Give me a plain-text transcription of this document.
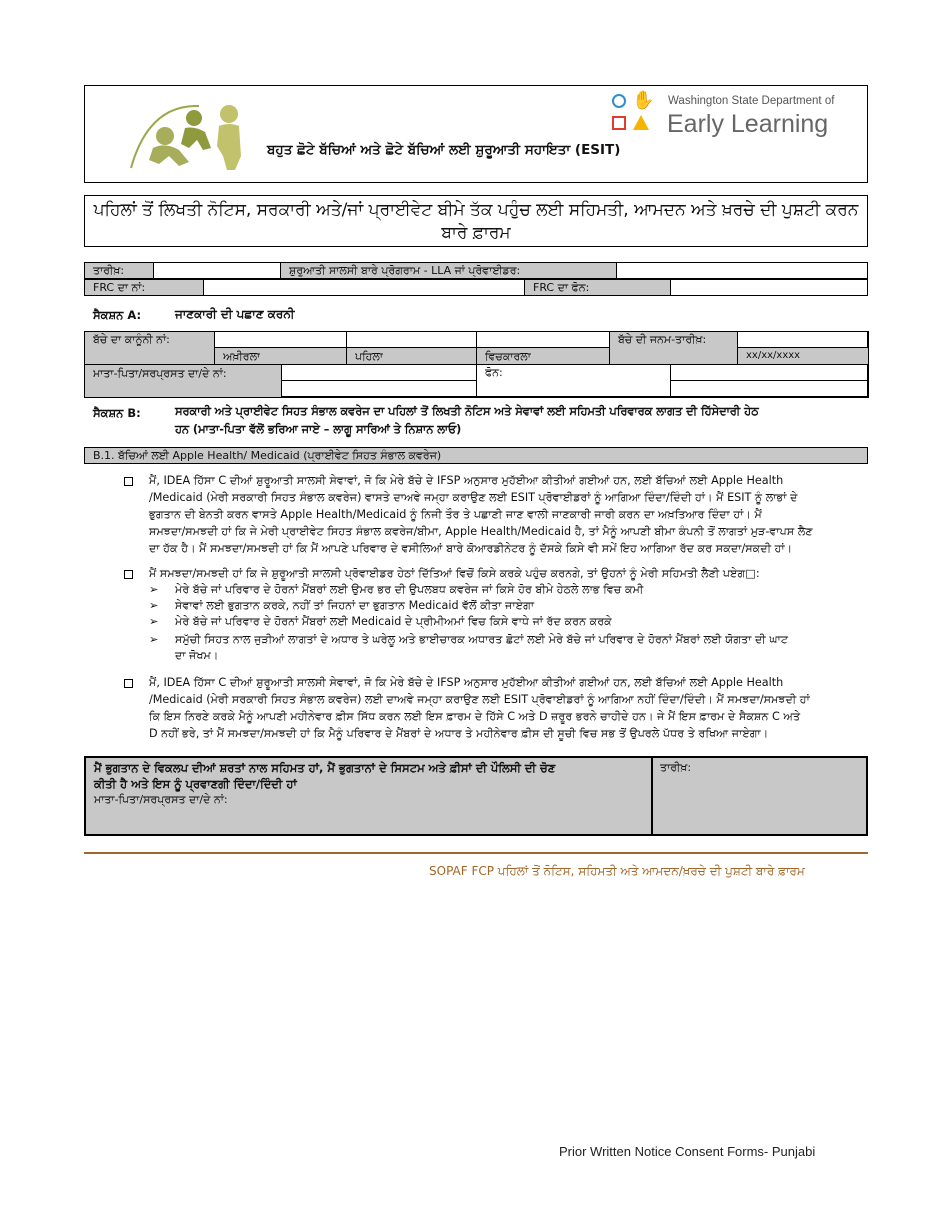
ਬਹੁਤ ਛੋਟੇ ਬੱਚਿਆਂ ਅਤੇ ਛੋਟੇ ਬੱਚਿਆਂ ਲਈ ਸ਼ੁਰੂਆਤੀ ਸਹਾਇਤਾ (ESIT)
✋ Washington State Department of
Early Learning
ਪਹਿਲਾਂ ਤੋਂ ਲਿਖਤੀ ਨੋਟਿਸ, ਸਰਕਾਰੀ ਅਤੇ/ਜਾਂ ਪ੍ਰਾਈਵੇਟ ਬੀਮੇ ਤੱਕ ਪਹੁੰਚ ਲਈ ਸਹਿਮਤੀ, ਆਮਦਨ ਅਤੇ ਖ਼ਰਚੇ ਦੀ ਪੁਸ਼ਟੀ ਕਰਨ ਬਾਰੇ ਫ਼ਾਰਮ
ਤਾਰੀਖ਼:	ਸ਼ੁਰੂਆਤੀ ਸਾਲਸੀ ਬਾਰੇ ਪ੍ਰੋਗਰਾਮ - LLA ਜਾਂ ਪ੍ਰੋਵਾਈਡਰ:
FRC ਦਾ ਨਾਂ:	FRC ਦਾ ਫੋਨ:
ਸੈਕਸ਼ਨ A:	ਜਾਣਕਾਰੀ ਦੀ ਪਛਾਣ ਕਰਨੀ
ਬੱਚੇ ਦਾ ਕਾਨੂੰਨੀ ਨਾਂ:
ਅਖ਼ੀਰਲਾ	ਪਹਿਲਾ	ਵਿਚਕਾਰਲਾ
ਬੱਚੇ ਦੀ ਜਨਮ-ਤਾਰੀਖ਼:
xx/xx/xxxx
ਮਾਤਾ-ਪਿਤਾ/ਸਰਪ੍ਰਸਤ ਦਾ/ਦੇ ਨਾਂ:	ਫੋਨ:
ਸੈਕਸ਼ਨ B:	ਸਰਕਾਰੀ ਅਤੇ ਪ੍ਰਾਈਵੇਟ ਸਿਹਤ ਸੰਭਾਲ ਕਵਰੇਜ ਦਾ ਪਹਿਲਾਂ ਤੋਂ ਲਿਖਤੀ ਨੋਟਿਸ ਅਤੇ ਸੇਵਾਵਾਂ ਲਈ ਸਹਿਮਤੀ ਪਰਿਵਾਰਕ ਲਾਗਤ ਦੀ ਹਿੱਸੇਦਾਰੀ ਹੇਠ
ਹਨ (ਮਾਤਾ-ਪਿਤਾ ਵੱਲੋਂ ਭਰਿਆ ਜਾਏ – ਲਾਗੂ ਸਾਰਿਆਂ ਤੇ ਨਿਸ਼ਾਨ ਲਾਓ)
B.1. ਬੱਚਿਆਂ ਲਈ Apple Health/ Medicaid (ਪ੍ਰਾਈਵੇਟ ਸਿਹਤ ਸੰਭਾਲ ਕਵਰੇਜ)
ਮੈਂ, IDEA ਹਿੱਸਾ C ਦੀਆਂ ਸ਼ੁਰੂਆਤੀ ਸਾਲਸੀ ਸੇਵਾਵਾਂ, ਜੋ ਕਿ ਮੇਰੇ ਬੱਚੇ ਦੇ IFSP ਅਨੁਸਾਰ ਮੁਹੱਈਆ ਕੀਤੀਆਂ ਗਈਆਂ ਹਨ, ਲਈ ਬੱਚਿਆਂ ਲਈ Apple Health
/Medicaid (ਮੇਰੀ ਸਰਕਾਰੀ ਸਿਹਤ ਸੰਭਾਲ ਕਵਰੇਜ) ਵਾਸਤੇ ਦਾਅਵੇ ਜਮ੍ਹਾ ਕਰਾਉਣ ਲਈ ESIT ਪ੍ਰੋਵਾਈਡਰਾਂ ਨੂੰ ਆਗਿਆ ਦਿੰਦਾ/ਦਿੰਦੀ ਹਾਂ। ਮੈਂ ESIT ਨੂੰ ਲਾਭਾਂ ਦੇ
ਭੁਗਤਾਨ ਦੀ ਬੇਨਤੀ ਕਰਨ ਵਾਸਤੇ Apple Health/Medicaid ਨੂੰ ਨਿਜੀ ਤੌਰ ਤੇ ਪਛਾਣੀ ਜਾਣ ਵਾਲੀ ਜਾਣਕਾਰੀ ਜਾਰੀ ਕਰਨ ਦਾ ਅਖ਼ਤਿਆਰ ਦਿੰਦਾ ਹਾਂ। ਮੈਂ
ਸਮਝਦਾ/ਸਮਝਦੀ ਹਾਂ ਕਿ ਜੇ ਮੇਰੀ ਪ੍ਰਾਈਵੇਟ ਸਿਹਤ ਸੰਭਾਲ ਕਵਰੇਜ/ਬੀਮਾ, Apple Health/Medicaid ਹੈ, ਤਾਂ ਮੈਨੂੰ ਆਪਣੀ ਬੀਮਾ ਕੰਪਨੀ ਤੋਂ ਲਾਗਤਾਂ ਮੁੜ-ਵਾਪਸ ਲੈਣ
ਦਾ ਹੱਕ ਹੈ। ਮੈਂ ਸਮਝਦਾ/ਸਮਝਦੀ ਹਾਂ ਕਿ ਮੈਂ ਆਪਣੇ ਪਰਿਵਾਰ ਦੇ ਵਸੀਲਿਆਂ ਬਾਰੇ ਕੋਆਰਡੀਨੇਟਰ ਨੂੰ ਦੱਸਕੇ ਕਿਸੇ ਵੀ ਸਮੇਂ ਇਹ ਆਗਿਆ ਰੱਦ ਕਰ ਸਕਦਾ/ਸਕਦੀ ਹਾਂ।
ਮੈਂ ਸਮਝਦਾ/ਸਮਝਦੀ ਹਾਂ ਕਿ ਜੇ ਸ਼ੁਰੂਆਤੀ ਸਾਲਸੀ ਪ੍ਰੋਵਾਈਡਰ ਹੇਠਾਂ ਦਿੱਤਿਆਂ ਵਿਚੋਂ ਕਿਸੇ ਕਰਕੇ ਪਹੁੰਚ ਕਰਨਗੇ, ਤਾਂ ਉਹਨਾਂ ਨੂੰ ਮੇਰੀ ਸਹਿਮਤੀ ਲੈਣੀ ਪਏਗ□:
➢ ਮੇਰੇ ਬੱਚੇ ਜਾਂ ਪਰਿਵਾਰ ਦੇ ਹੋਰਨਾਂ ਮੈਂਬਰਾਂ ਲਈ ਉਮਰ ਭਰ ਦੀ ਉਪਲਬਧ ਕਵਰੇਜ ਜਾਂ ਕਿਸੇ ਹੋਰ ਬੀਮੇ ਹੇਠਲੇ ਲਾਭ ਵਿਚ ਕਮੀ
➢ ਸੇਵਾਵਾਂ ਲਈ ਭੁਗਤਾਨ ਕਰਕੇ, ਨਹੀਂ ਤਾਂ ਜਿਹਨਾਂ ਦਾ ਭੁਗਤਾਨ Medicaid ਵੱਲੋਂ ਕੀਤਾ ਜਾਏਗਾ
➢ ਮੇਰੇ ਬੱਚੇ ਜਾਂ ਪਰਿਵਾਰ ਦੇ ਹੋਰਨਾਂ ਮੈਂਬਰਾਂ ਲਈ Medicaid ਦੇ ਪ੍ਰੀਮੀਅਮਾਂ ਵਿਚ ਕਿਸੇ ਵਾਧੇ ਜਾਂ ਰੱਦ ਕਰਨ ਕਰਕੇ
➢ ਸਮੁੱਚੀ ਸਿਹਤ ਨਾਲ ਜੁੜੀਆਂ ਲਾਗਤਾਂ ਦੇ ਅਧਾਰ ਤੇ ਘਰੇਲੂ ਅਤੇ ਭਾਈਚਾਰਕ ਅਧਾਰਤ ਛੋਟਾਂ ਲਈ ਮੇਰੇ ਬੱਚੇ ਜਾਂ ਪਰਿਵਾਰ ਦੇ ਹੋਰਨਾਂ ਮੈਂਬਰਾਂ ਲਈ ਯੋਗਤਾ ਦੀ ਘਾਟ
ਦਾ ਜੋਖਮ।
ਮੈਂ, IDEA ਹਿੱਸਾ C ਦੀਆਂ ਸ਼ੁਰੂਆਤੀ ਸਾਲਸੀ ਸੇਵਾਵਾਂ, ਜੋ ਕਿ ਮੇਰੇ ਬੱਚੇ ਦੇ IFSP ਅਨੁਸਾਰ ਮੁਹੱਈਆ ਕੀਤੀਆਂ ਗਈਆਂ ਹਨ, ਲਈ ਬੱਚਿਆਂ ਲਈ Apple Health
/Medicaid (ਮੇਰੀ ਸਰਕਾਰੀ ਸਿਹਤ ਸੰਭਾਲ ਕਵਰੇਜ) ਲਈ ਦਾਅਵੇ ਜਮ੍ਹਾ ਕਰਾਉਣ ਲਈ ESIT ਪ੍ਰੋਵਾਈਡਰਾਂ ਨੂੰ ਆਗਿਆ ਨਹੀਂ ਦਿੰਦਾ/ਦਿੰਦੀ। ਮੈਂ ਸਮਝਦਾ/ਸਮਝਦੀ ਹਾਂ
ਕਿ ਇਸ ਨਿਰਣੇ ਕਰਕੇ ਮੈਨੂੰ ਆਪਣੀ ਮਹੀਨੇਵਾਰ ਫ਼ੀਸ ਸਿੱਧ ਕਰਨ ਲਈ ਇਸ ਫ਼ਾਰਮ ਦੇ ਹਿੱਸੇ C ਅਤੇ D ਜ਼ਰੂਰ ਭਰਨੇ ਚਾਹੀਦੇ ਹਨ। ਜੇ ਮੈਂ ਇਸ ਫ਼ਾਰਮ ਦੇ ਸੈਕਸ਼ਨ C ਅਤੇ
D ਨਹੀਂ ਭਰੇ, ਤਾਂ ਮੈਂ ਸਮਝਦਾ/ਸਮਝਦੀ ਹਾਂ ਕਿ ਮੈਨੂੰ ਪਰਿਵਾਰ ਦੇ ਮੈਂਬਰਾਂ ਦੇ ਅਧਾਰ ਤੇ ਮਹੀਨੇਵਾਰ ਫ਼ੀਸ ਦੀ ਸੂਚੀ ਵਿਚ ਸਭ ਤੋਂ ਉਪਰਲੇ ਪੱਧਰ ਤੇ ਰਖਿਆ ਜਾਏਗਾ।
ਮੈਂ ਭੁਗਤਾਨ ਦੇ ਵਿਕਲਪ ਦੀਆਂ ਸ਼ਰਤਾਂ ਨਾਲ ਸਹਿਮਤ ਹਾਂ, ਮੈਂ ਭੁਗਤਾਨਾਂ ਦੇ ਸਿਸਟਮ ਅਤੇ ਫ਼ੀਸਾਂ ਦੀ ਪੌਲਿਸੀ ਦੀ ਚੋਣ
ਕੀਤੀ ਹੈ ਅਤੇ ਇਸ ਨੂੰ ਪ੍ਰਵਾਣਗੀ ਦਿੰਦਾ/ਦਿੰਦੀ ਹਾਂ
ਮਾਤਾ-ਪਿਤਾ/ਸਰਪ੍ਰਸਤ ਦਾ/ਦੇ ਨਾਂ:
ਤਾਰੀਖ਼:
SOPAF FCP ਪਹਿਲਾਂ ਤੋਂ ਨੋਟਿਸ, ਸਹਿਮਤੀ ਅਤੇ ਆਮਦਨ/ਖ਼ਰਚੇ ਦੀ ਪੁਸ਼ਟੀ ਬਾਰੇ ਫ਼ਾਰਮ
Prior Written Notice Consent Forms- Punjabi
